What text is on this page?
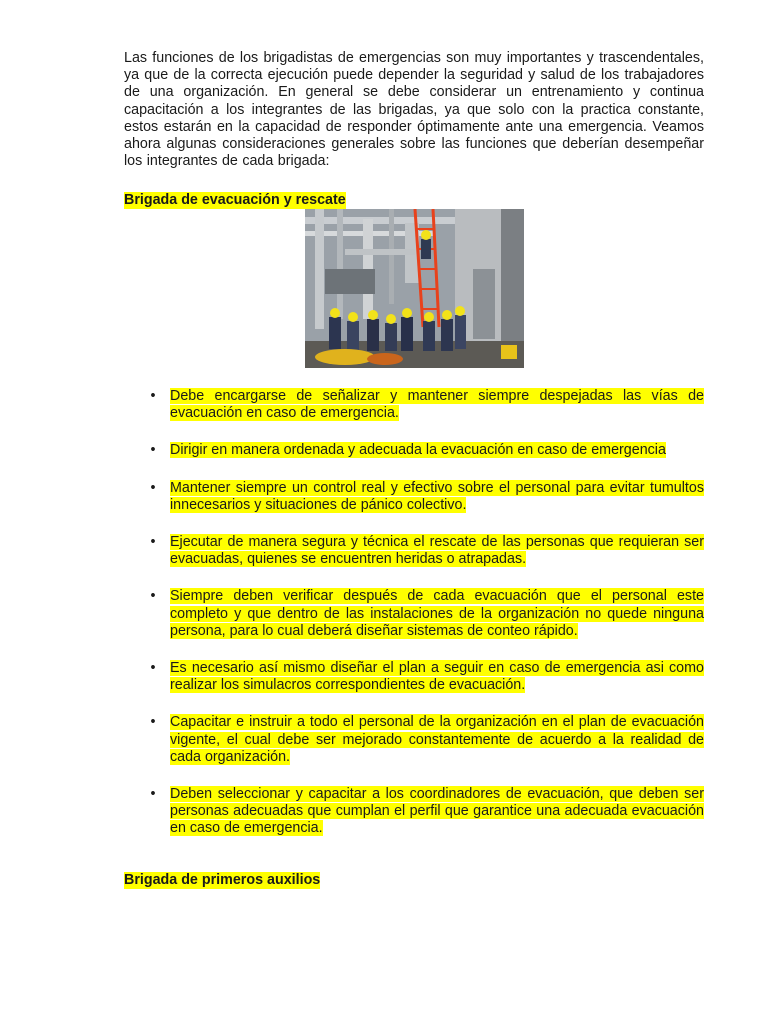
Las funciones de los brigadistas de emergencias son muy importantes y trascendentales, ya que de la correcta ejecución puede depender la seguridad y salud de los trabajadores de una organización. En general se debe considerar un entrenamiento y continua capacitación a los integrantes de las brigadas, ya que solo con la practica constante, estos estarán en la capacidad de responder óptimamente ante una emergencia. Veamos ahora algunas consideraciones generales sobre las funciones que deberían desempeñar los integrantes de cada brigada:

Brigada de evacuación y rescate
• Debe encargarse de señalizar y mantener siempre despejadas las vías de evacuación en caso de emergencia.
• Dirigir en manera ordenada y adecuada la evacuación en caso de emergencia
• Mantener siempre un control real y efectivo sobre el personal para evitar tumultos innecesarios y situaciones de pánico colectivo.
• Ejecutar de manera segura y técnica el rescate de las personas que requieran ser evacuadas, quienes se encuentren heridas o atrapadas.
• Siempre deben verificar después de cada evacuación que el personal este completo y que dentro de las instalaciones de la organización no quede ninguna persona, para lo cual deberá diseñar sistemas de conteo rápido.
• Es necesario así mismo diseñar el plan a seguir en caso de emergencia asi como realizar los simulacros correspondientes de evacuación.
• Capacitar e instruir a todo el personal de la organización en el plan de evacuación vigente, el cual debe ser mejorado constantemente de acuerdo a la realidad de cada organización.
• Deben seleccionar y capacitar a los coordinadores de evacuación, que deben ser personas adecuadas que cumplan el perfil que garantice una adecuada evacuación en caso de emergencia.
Brigada de primeros auxilios
